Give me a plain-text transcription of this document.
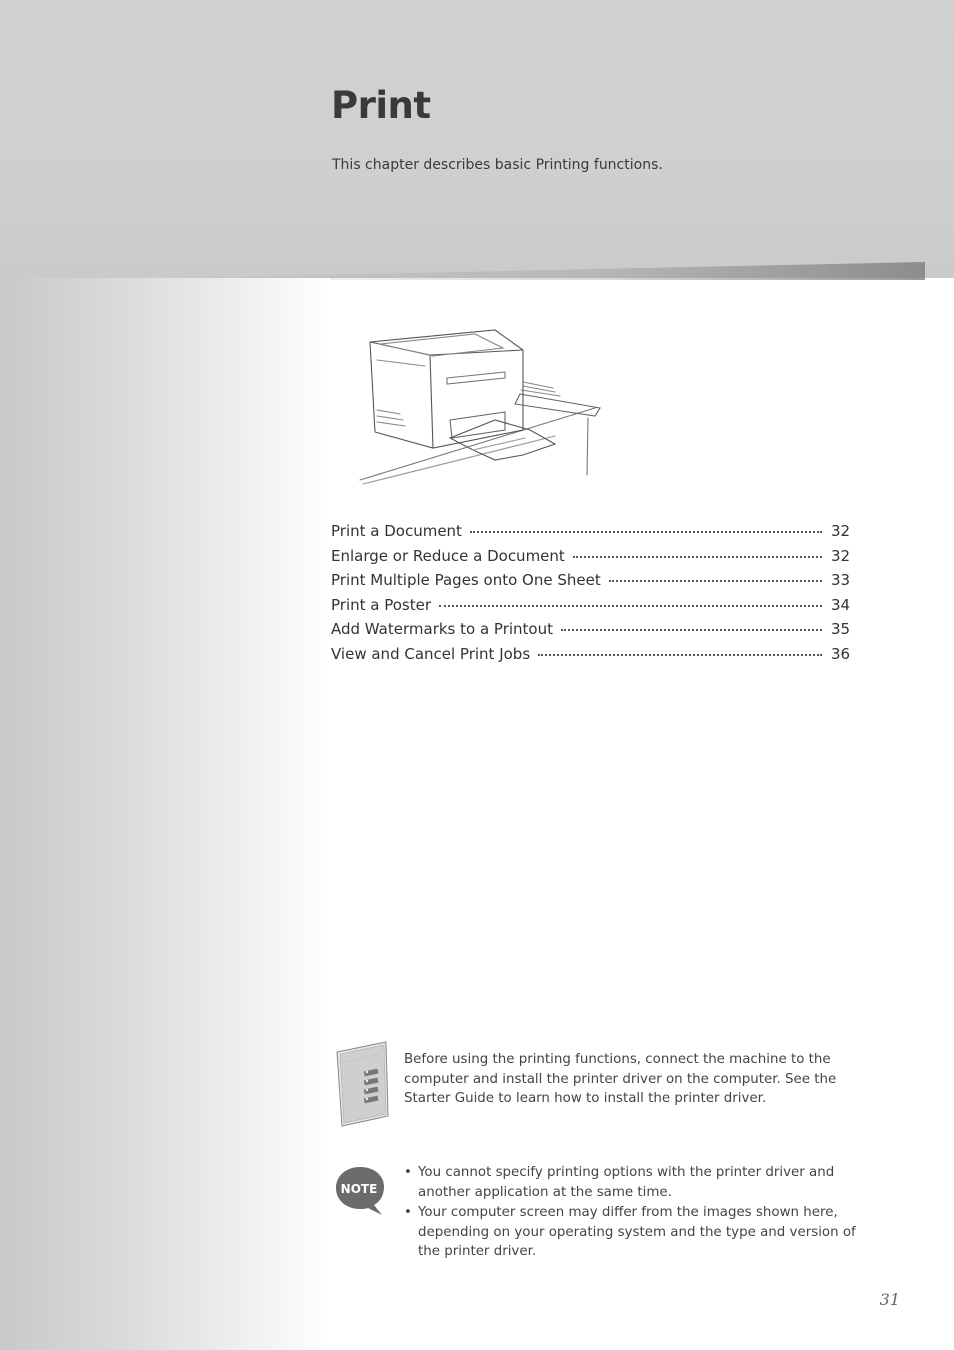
Print

This chapter describes basic Printing functions.

Print a Document	32
Enlarge or Reduce a Document	32
Print Multiple Pages onto One Sheet	33
Print a Poster	34
Add Watermarks to a Printout	35
View and Cancel Print Jobs	36

Before using the printing functions, connect the machine to the computer and install the printer driver on the computer. See the Starter Guide to learn how to install the printer driver.

NOTE
• You cannot specify printing options with the printer driver and another application at the same time.
• Your computer screen may differ from the images shown here, depending on your operating system and the type and version of the printer driver.
31
